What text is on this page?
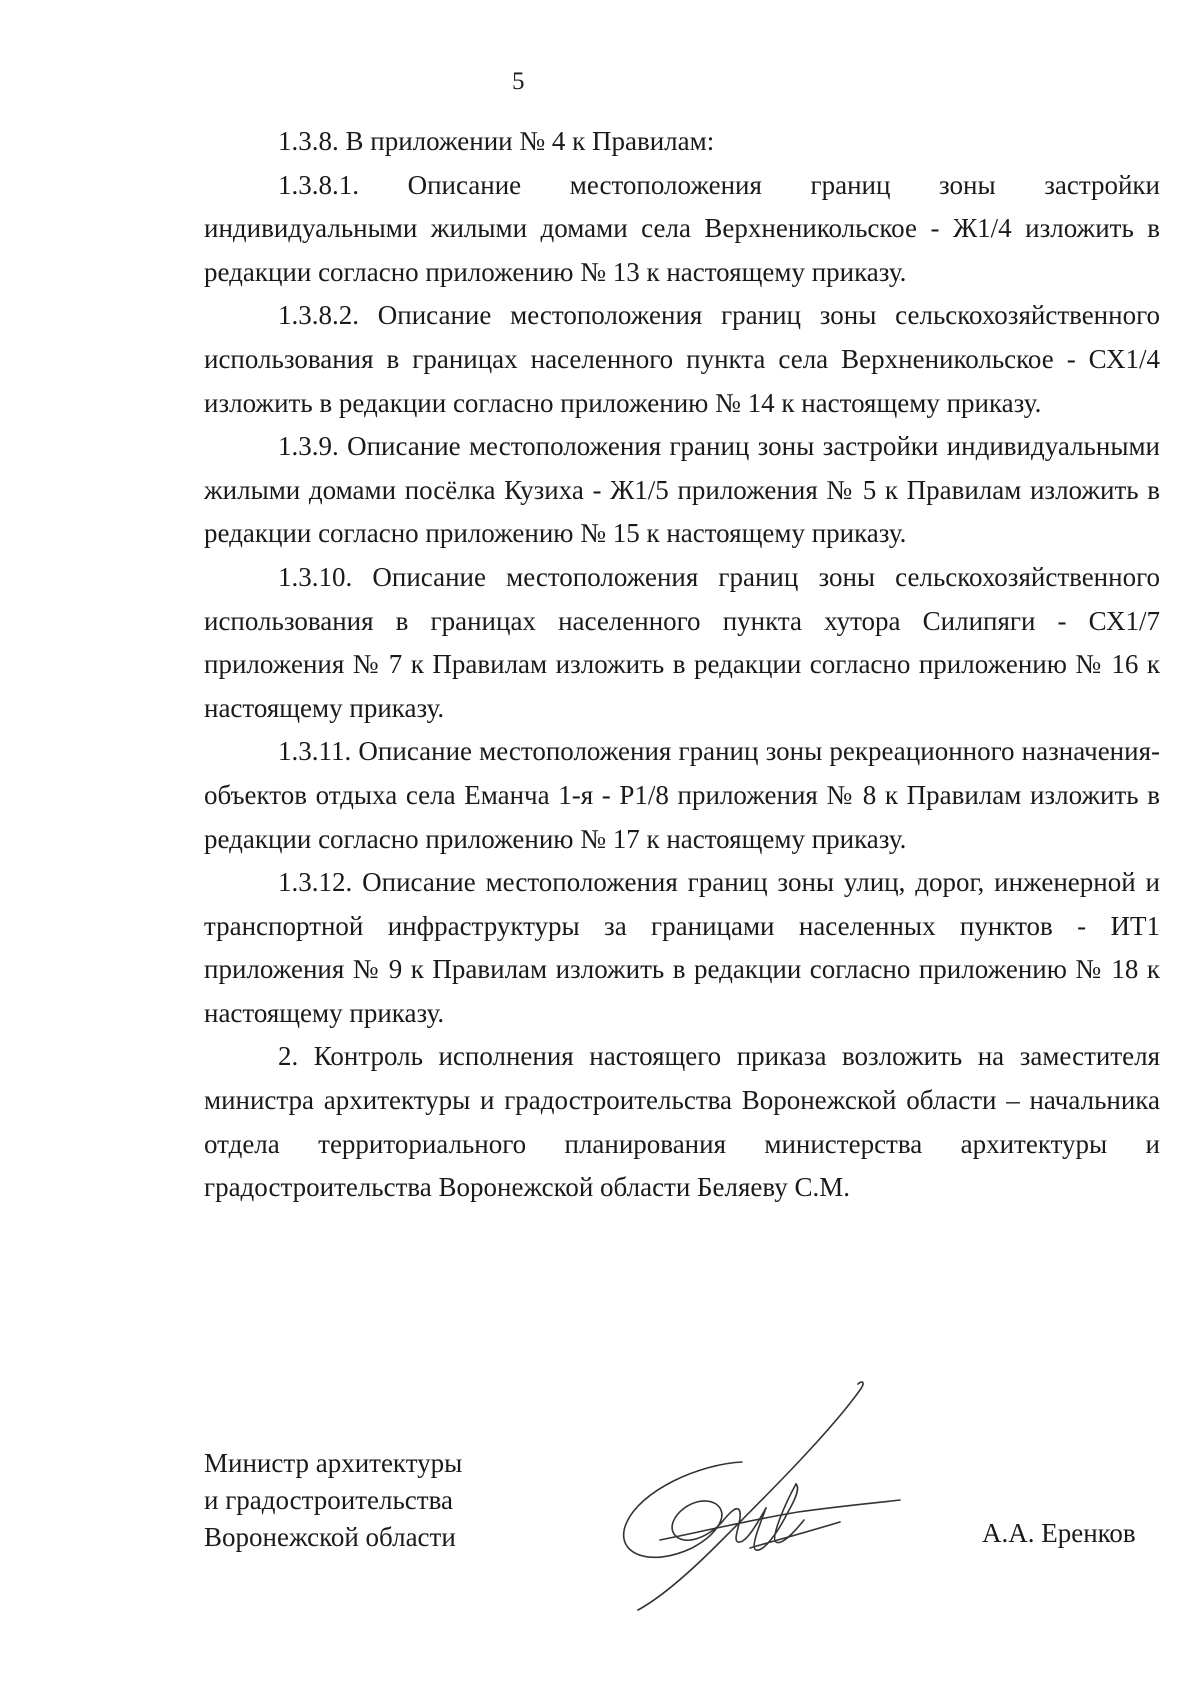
5

1.3.8. В приложении № 4 к Правилам:

1.3.8.1. Описание местоположения границ зоны застройки индивидуальными жилыми домами села Верхненикольское - Ж1/4 изложить в редакции согласно приложению № 13 к настоящему приказу.

1.3.8.2. Описание местоположения границ зоны сельскохозяйственного использования в границах населенного пункта села Верхненикольское - СХ1/4 изложить в редакции согласно приложению № 14 к настоящему приказу.

1.3.9. Описание местоположения границ зоны застройки индивидуальными жилыми домами посёлка Кузиха - Ж1/5 приложения № 5 к Правилам изложить в редакции согласно приложению № 15 к настоящему приказу.

1.3.10. Описание местоположения границ зоны сельскохозяйственного использования в границах населенного пункта хутора Силипяги - СХ1/7 приложения № 7 к Правилам изложить в редакции согласно приложению № 16 к настоящему приказу.

1.3.11. Описание местоположения границ зоны рекреационного назначения-объектов отдыха села Еманча 1-я - Р1/8 приложения № 8 к Правилам изложить в редакции согласно приложению № 17 к настоящему приказу.

1.3.12. Описание местоположения границ зоны улиц, дорог, инженерной и транспортной инфраструктуры за границами населенных пунктов - ИТ1 приложения № 9 к Правилам изложить в редакции согласно приложению № 18 к настоящему приказу.

2. Контроль исполнения настоящего приказа возложить на заместителя министра архитектуры и градостроительства Воронежской области – начальника отдела территориального планирования министерства архитектуры и градостроительства Воронежской области Беляеву С.М.

Министр архитектуры
и градостроительства
Воронежской области	А.А. Еренков
